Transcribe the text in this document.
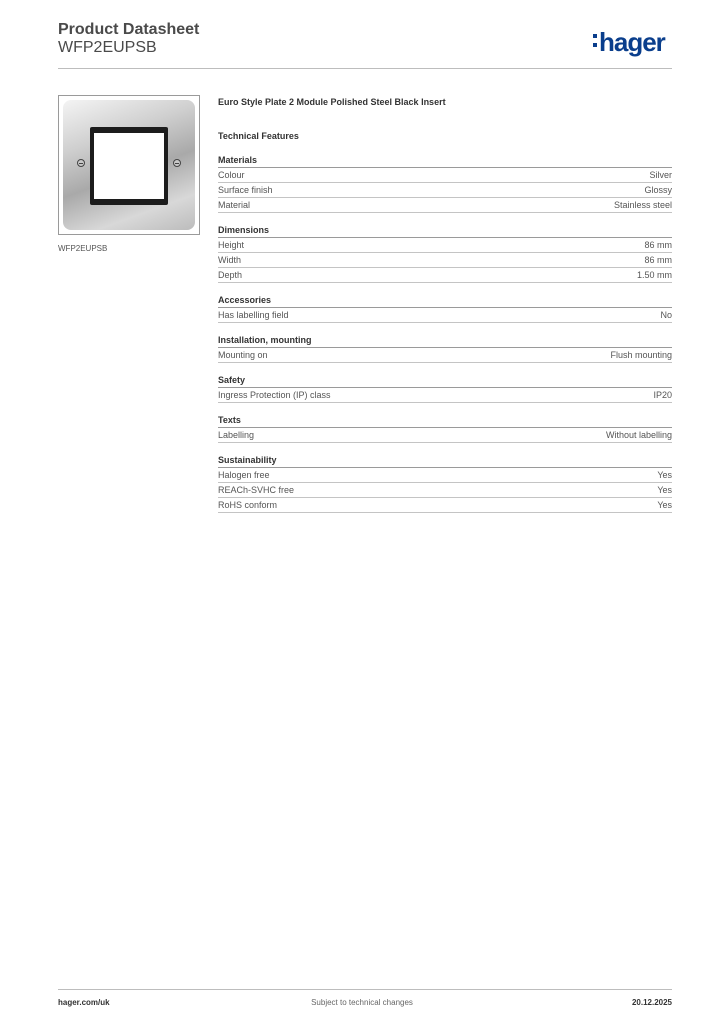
Product Datasheet
WFP2EUPSB	hager
WFP2EUPSB
Euro Style Plate 2 Module Polished Steel Black Insert
Technical Features
Materials
Colour	Silver
Surface finish	Glossy
Material	Stainless steel
Dimensions
Height	86 mm
Width	86 mm
Depth	1.50 mm
Accessories
Has labelling field	No
Installation, mounting
Mounting on	Flush mounting
Safety
Ingress Protection (IP) class	IP20
Texts
Labelling	Without labelling
Sustainability
Halogen free	Yes
REACh-SVHC free	Yes
RoHS conform	Yes
hager.com/uk	Subject to technical changes	20.12.2025
